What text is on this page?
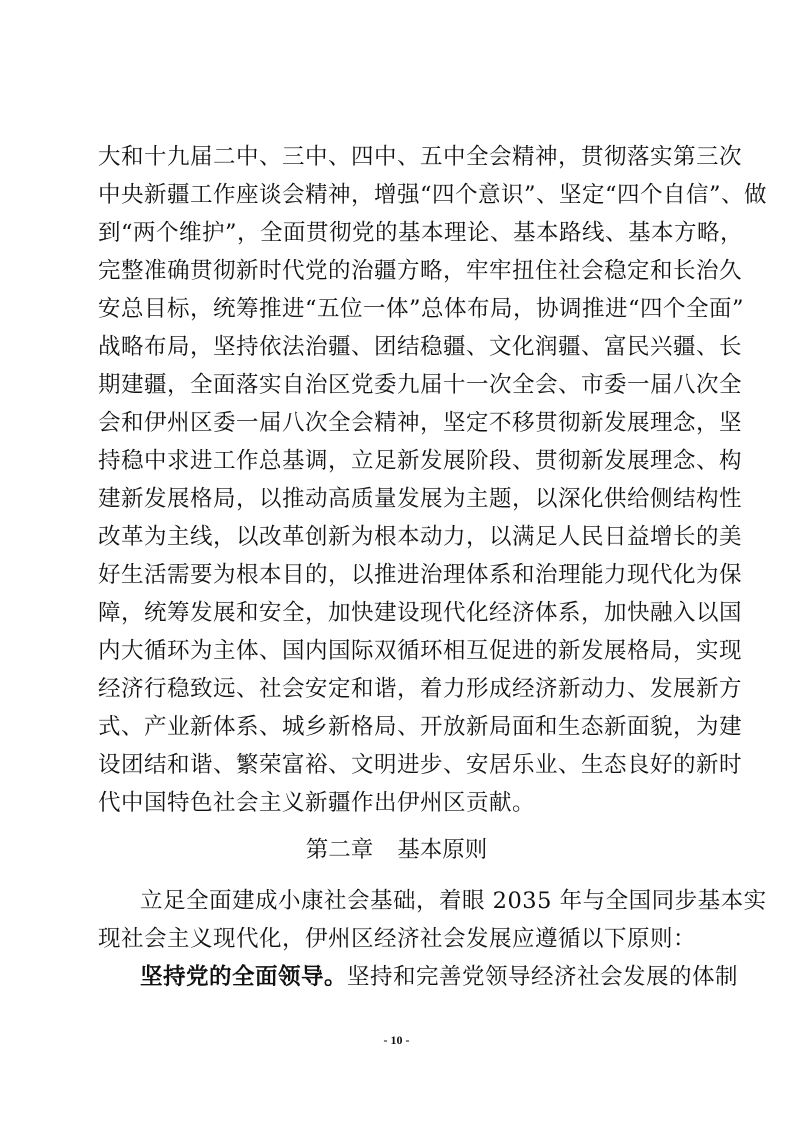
大和十九届二中、三中、四中、五中全会精神，贯彻落实第三次
中央新疆工作座谈会精神，增强“四个意识”、坚定“四个自信”、做
到“两个维护”，全面贯彻党的基本理论、基本路线、基本方略，
完整准确贯彻新时代党的治疆方略，牢牢扭住社会稳定和长治久
安总目标，统筹推进“五位一体”总体布局，协调推进“四个全面”
战略布局，坚持依法治疆、团结稳疆、文化润疆、富民兴疆、长
期建疆，全面落实自治区党委九届十一次全会、市委一届八次全
会和伊州区委一届八次全会精神，坚定不移贯彻新发展理念，坚
持稳中求进工作总基调，立足新发展阶段、贯彻新发展理念、构
建新发展格局，以推动高质量发展为主题，以深化供给侧结构性
改革为主线，以改革创新为根本动力，以满足人民日益增长的美
好生活需要为根本目的，以推进治理体系和治理能力现代化为保
障，统筹发展和安全，加快建设现代化经济体系，加快融入以国
内大循环为主体、国内国际双循环相互促进的新发展格局，实现
经济行稳致远、社会安定和谐，着力形成经济新动力、发展新方
式、产业新体系、城乡新格局、开放新局面和生态新面貌，为建
设团结和谐、繁荣富裕、文明进步、安居乐业、生态良好的新时
代中国特色社会主义新疆作出伊州区贡献。
第二章 基本原则
立足全面建成小康社会基础，着眼 2035 年与全国同步基本实
现社会主义现代化，伊州区经济社会发展应遵循以下原则：
坚持党的全面领导。坚持和完善党领导经济社会发展的体制
- 10 -
